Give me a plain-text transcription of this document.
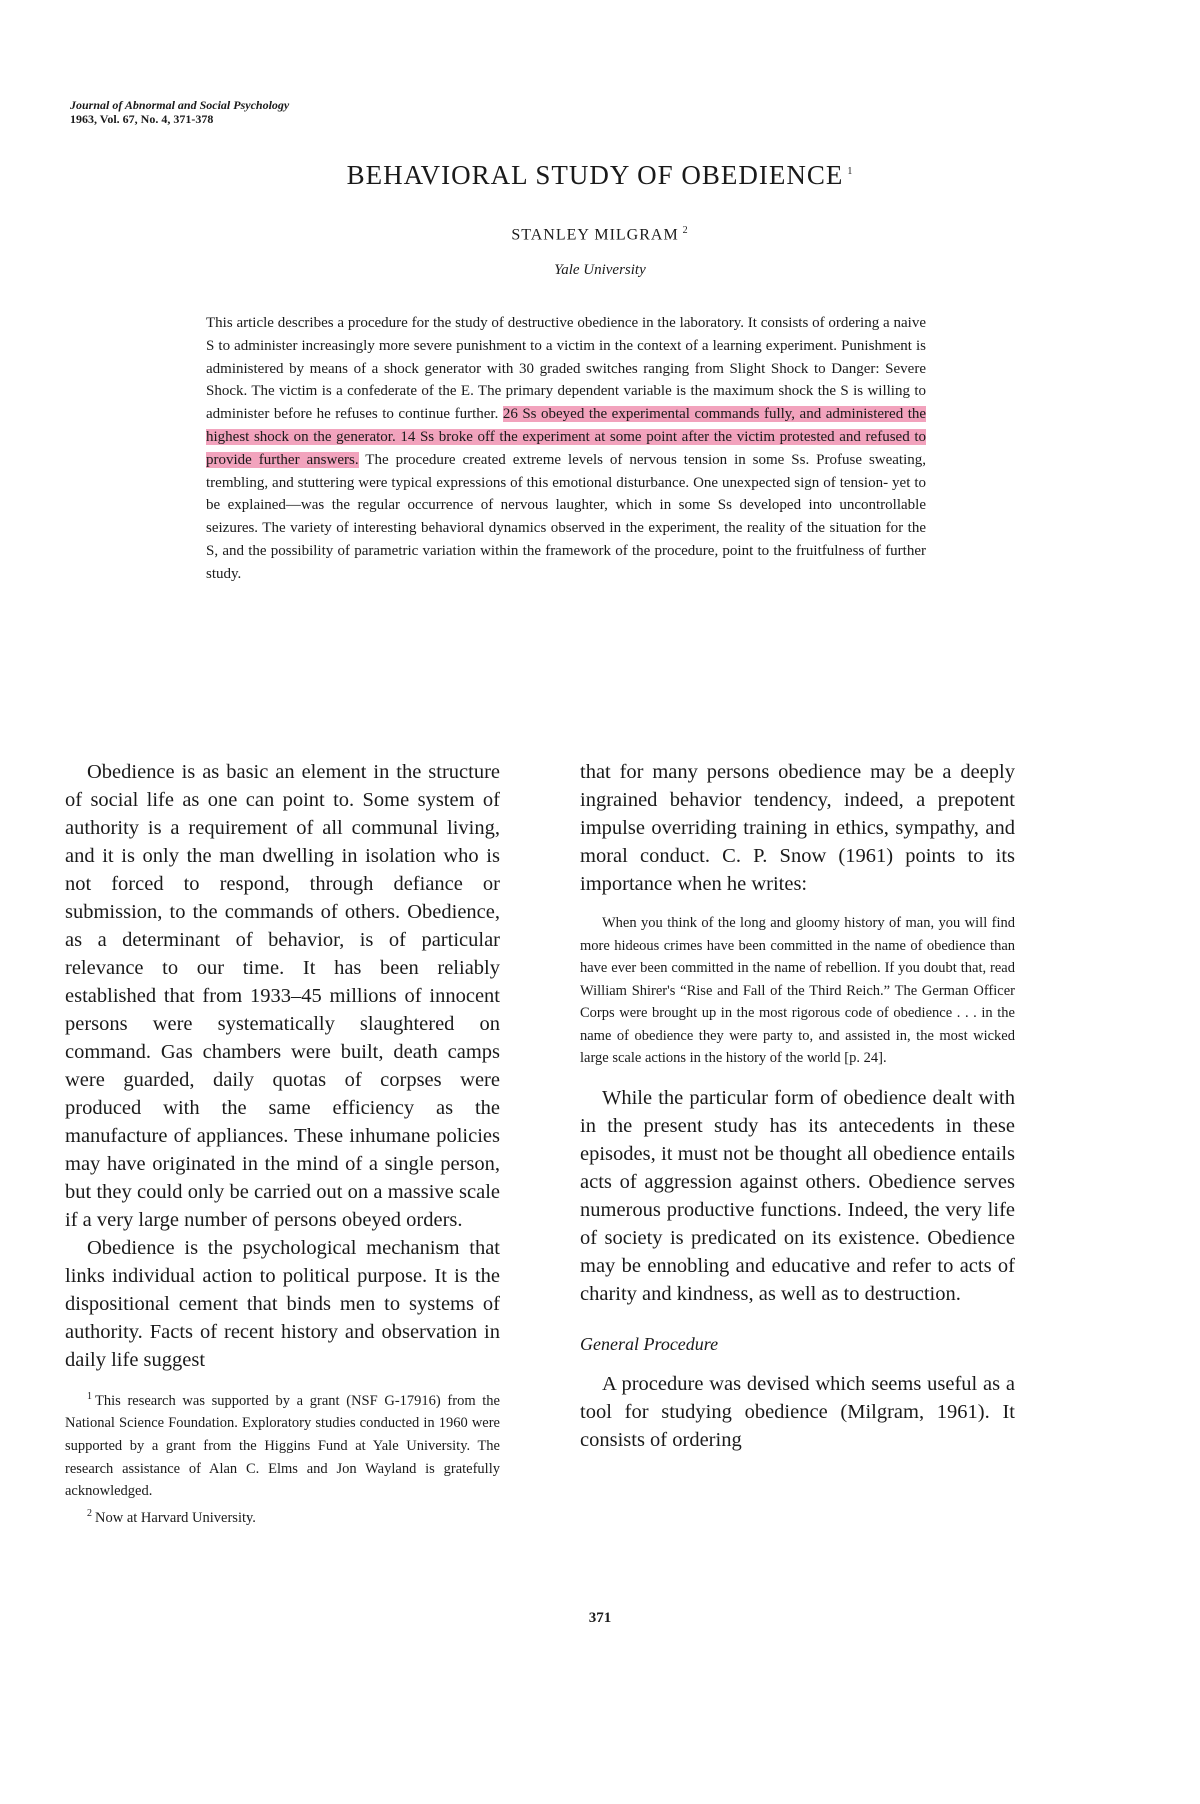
Journal of Abnormal and Social Psychology
1963, Vol. 67, No. 4, 371-378
BEHAVIORAL STUDY OF OBEDIENCE $^1$
STANLEY MILGRAM $^2$
Yale University
This article describes a procedure for the study of destructive obedience in the laboratory. It consists of ordering a naive S to administer increasingly more severe punishment to a victim in the context of a learning experiment. Punishment is administered by means of a shock generator with 30 graded switches ranging from Slight Shock to Danger: Severe Shock. The victim is a confederate of the E. The primary dependent variable is the maximum shock the S is willing to administer before he refuses to continue further. 26 Ss obeyed the experimental commands fully, and administered the highest shock on the generator. 14 Ss broke off the experiment at some point after the victim protested and refused to provide further answers. The procedure created extreme levels of nervous tension in some Ss. Profuse sweating, trembling, and stuttering were typical expressions of this emotional disturbance. One unexpected sign of tension- yet to be explained—was the regular occurrence of nervous laughter, which in some Ss developed into uncontrollable seizures. The variety of interesting behavioral dynamics observed in the experiment, the reality of the situation for the S, and the possibility of parametric variation within the framework of the procedure, point to the fruitfulness of further study.

Obedience is as basic an element in the structure of social life as one can point to. Some system of authority is a requirement of all communal living, and it is only the man dwelling in isolation who is not forced to respond, through defiance or submission, to the commands of others. Obedience, as a determinant of behavior, is of particular relevance to our time. It has been reliably established that from 1933–45 millions of innocent persons were systematically slaughtered on command. Gas chambers were built, death camps were guarded, daily quotas of corpses were produced with the same efficiency as the manufacture of appliances. These inhumane policies may have originated in the mind of a single person, but they could only be carried out on a massive scale if a very large number of persons obeyed orders.

Obedience is the psychological mechanism that links individual action to political purpose. It is the dispositional cement that binds men to systems of authority. Facts of recent history and observation in daily life suggest

$^1$ This research was supported by a grant (NSF G-17916) from the National Science Foundation. Exploratory studies conducted in 1960 were supported by a grant from the Higgins Fund at Yale University. The research assistance of Alan C. Elms and Jon Wayland is gratefully acknowledged.
$^2$ Now at Harvard University.

that for many persons obedience may be a deeply ingrained behavior tendency, indeed, a prepotent impulse overriding training in ethics, sympathy, and moral conduct. C. P. Snow (1961) points to its importance when he writes:

When you think of the long and gloomy history of man, you will find more hideous crimes have been committed in the name of obedience than have ever been committed in the name of rebellion. If you doubt that, read William Shirer's “Rise and Fall of the Third Reich.” The German Officer Corps were brought up in the most rigorous code of obedience . . . in the name of obedience they were party to, and assisted in, the most wicked large scale actions in the history of the world [p. 24].

While the particular form of obedience dealt with in the present study has its antecedents in these episodes, it must not be thought all obedience entails acts of aggression against others. Obedience serves numerous productive functions. Indeed, the very life of society is predicated on its existence. Obedience may be ennobling and educative and refer to acts of charity and kindness, as well as to destruction.

General Procedure

A procedure was devised which seems useful as a tool for studying obedience (Milgram, 1961). It consists of ordering

371
